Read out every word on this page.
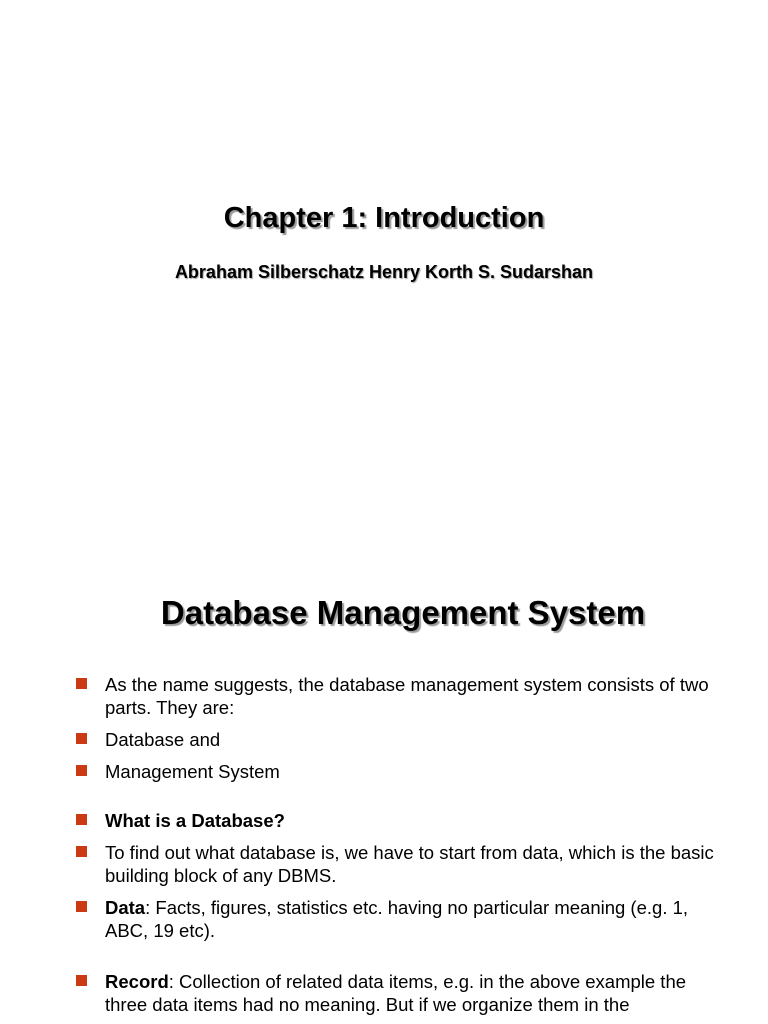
Chapter 1: Introduction

Abraham Silberschatz Henry Korth S. Sudarshan

Database Management System
As the name suggests, the database management system consists of two parts. They are:
Database and
Management System
What is a Database?
To find out what database is, we have to start from data, which is the basic building block of any DBMS.
Data: Facts, figures, statistics etc. having no particular meaning (e.g. 1, ABC, 19 etc).
Record: Collection of related data items, e.g. in the above example the three data items had no meaning. But if we organize them in the
